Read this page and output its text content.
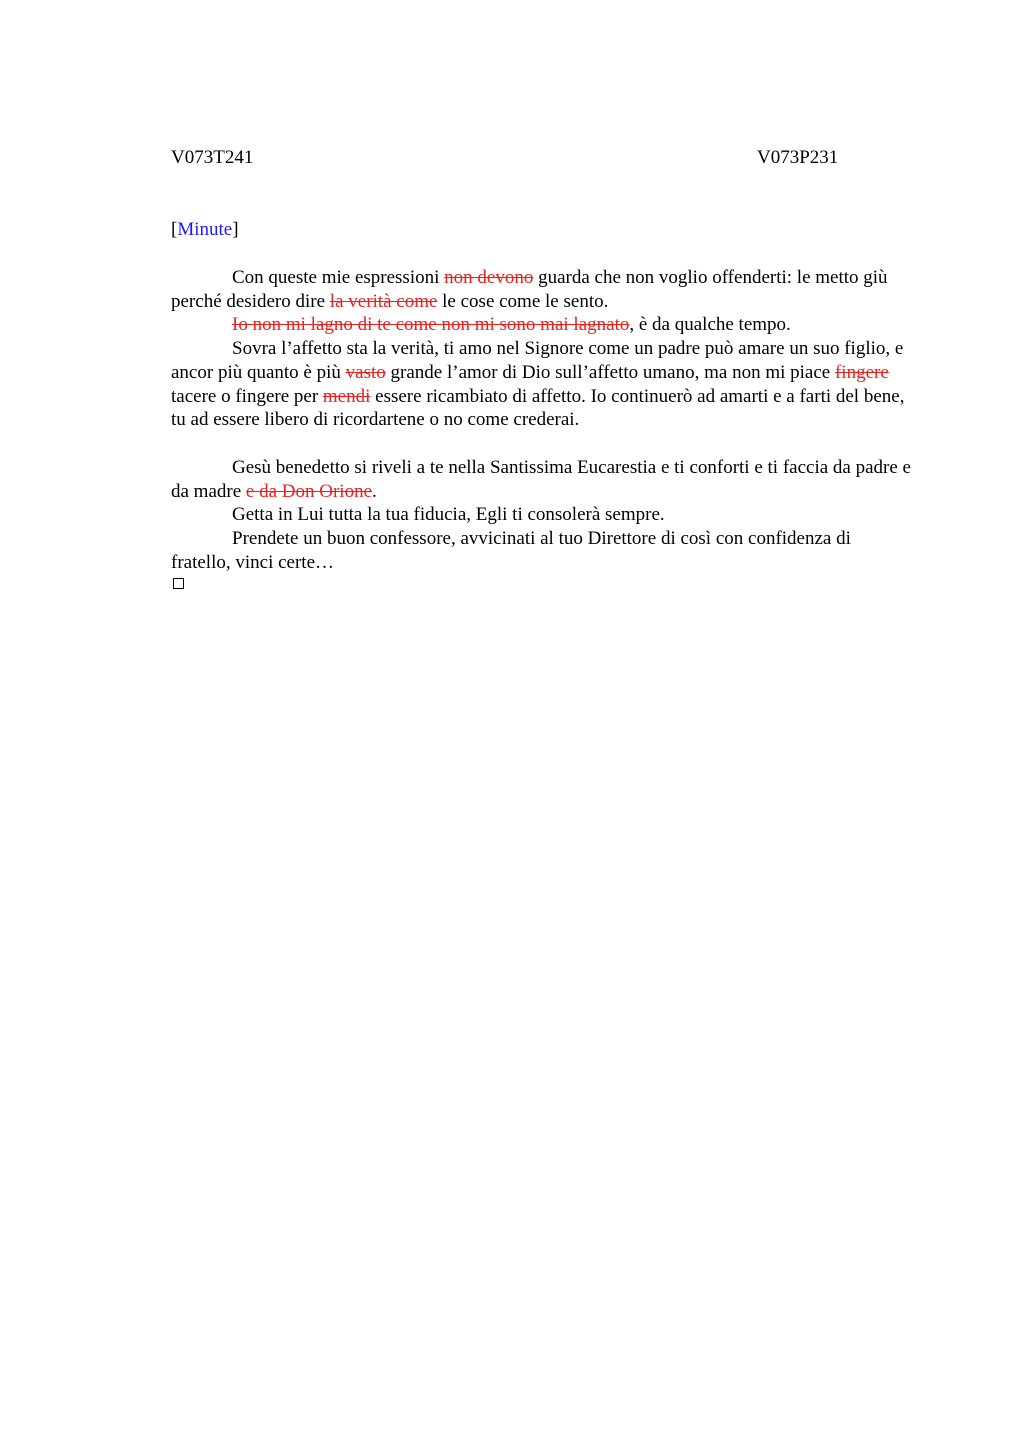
V073T241	V073P231
[Minute]

Con queste mie espressioni non devono guarda che non voglio offenderti: le metto giù perché desidero dire la verità come le cose come le sento.

Io non mi lagno di te come non mi sono mai lagnato, è da qualche tempo.

Sovra l’affetto sta la verità, ti amo nel Signore come un padre può amare un suo figlio, e ancor più quanto è più vasto grande l’amor di Dio sull’affetto umano, ma non mi piace fingere tacere o fingere per mendi essere ricambiato di affetto. Io continuerò ad amarti e a farti del bene, tu ad essere libero di ricordartene o no come crederai.

Gesù benedetto si riveli a te nella Santissima Eucarestia e ti conforti e ti faccia da padre e da madre e da Don Orione.

Getta in Lui tutta la tua fiducia, Egli ti consolerà sempre.

Prendete un buon confessore, avvicinati al tuo Direttore di così con confidenza di fratello, vinci certe…
